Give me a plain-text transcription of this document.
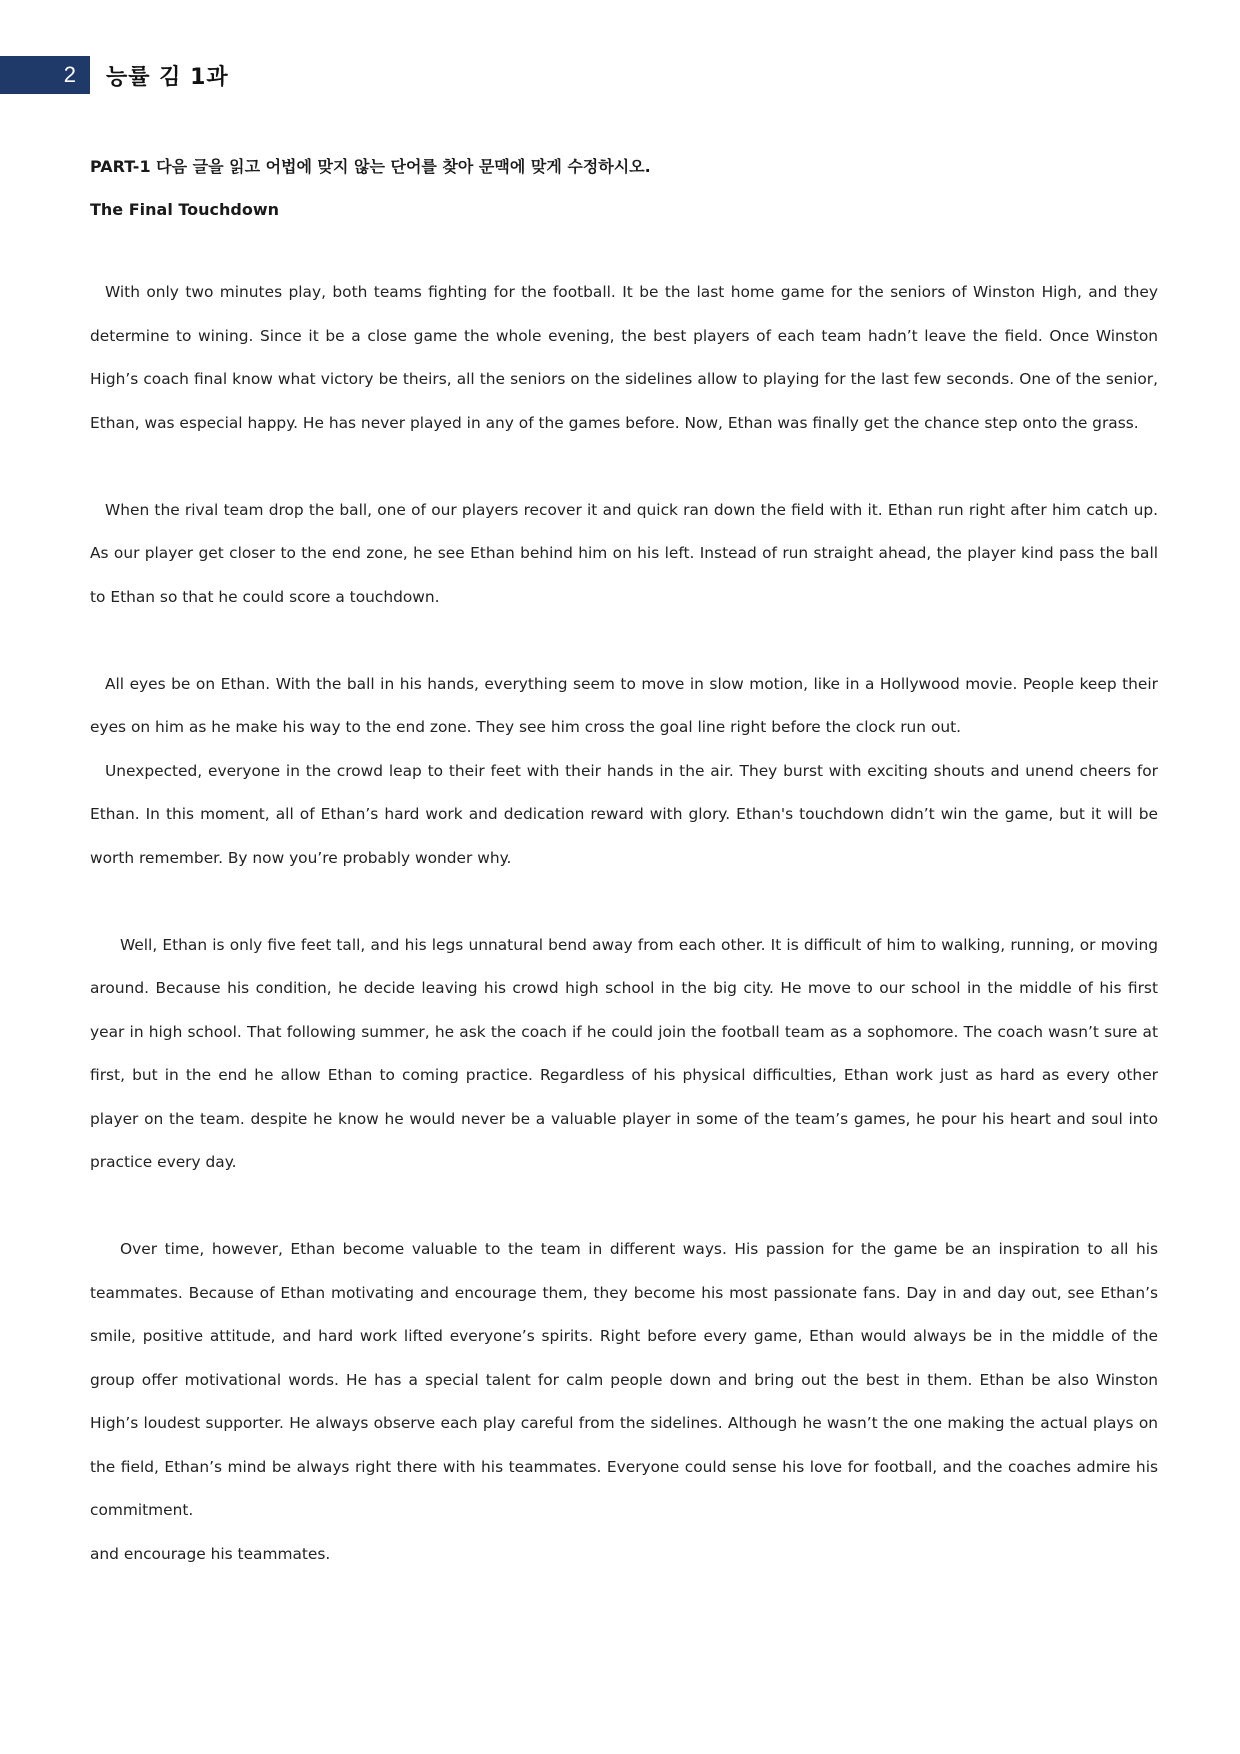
2	능률 김 1과

PART-1 다음 글을 읽고 어법에 맞지 않는 단어를 찾아 문맥에 맞게 수정하시오.

The Final Touchdown

With only two minutes play, both teams fighting for the football. It be the last home game for the seniors of Winston High, and they determine to wining. Since it be a close game the whole evening, the best players of each team hadn’t leave the field. Once Winston High’s coach final know what victory be theirs, all the seniors on the sidelines allow to playing for the last few seconds. One of the senior, Ethan, was especial happy. He has never played in any of the games before. Now, Ethan was finally get the chance step onto the grass.

When the rival team drop the ball, one of our players recover it and quick ran down the field with it. Ethan run right after him catch up. As our player get closer to the end zone, he see Ethan behind him on his left. Instead of run straight ahead, the player kind pass the ball to Ethan so that he could score a touchdown.

All eyes be on Ethan. With the ball in his hands, everything seem to move in slow motion, like in a Hollywood movie. People keep their eyes on him as he make his way to the end zone. They see him cross the goal line right before the clock run out.

Unexpected, everyone in the crowd leap to their feet with their hands in the air. They burst with exciting shouts and unend cheers for Ethan. In this moment, all of Ethan’s hard work and dedication reward with glory. Ethan's touchdown didn’t win the game, but it will be worth remember. By now you’re probably wonder why.

Well, Ethan is only five feet tall, and his legs unnatural bend away from each other. It is difficult of him to walking, running, or moving around. Because his condition, he decide leaving his crowd high school in the big city. He move to our school in the middle of his first year in high school. That following summer, he ask the coach if he could join the football team as a sophomore. The coach wasn’t sure at first, but in the end he allow Ethan to coming practice. Regardless of his physical difficulties, Ethan work just as hard as every other player on the team. despite he know he would never be a valuable player in some of the team’s games, he pour his heart and soul into practice every day.

Over time, however, Ethan become valuable to the team in different ways. His passion for the game be an inspiration to all his teammates. Because of Ethan motivating and encourage them, they become his most passionate fans. Day in and day out, see Ethan’s smile, positive attitude, and hard work lifted everyone’s spirits. Right before every game, Ethan would always be in the middle of the group offer motivational words. He has a special talent for calm people down and bring out the best in them. Ethan be also Winston High’s loudest supporter. He always observe each play careful from the sidelines. Although he wasn’t the one making the actual plays on the field, Ethan’s mind be always right there with his teammates. Everyone could sense his love for football, and the coaches admire his commitment.

and encourage his teammates.
